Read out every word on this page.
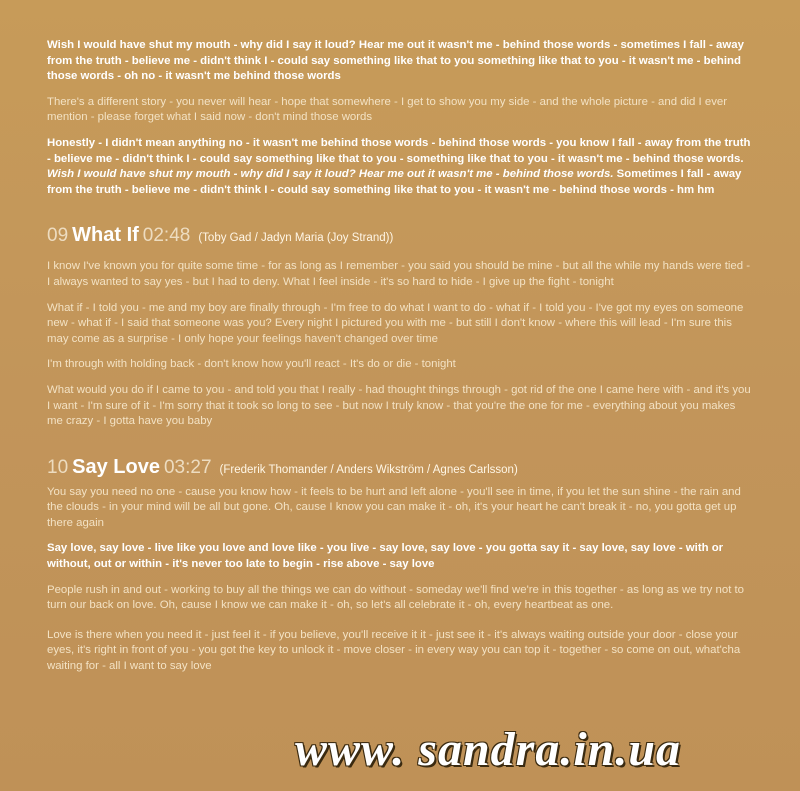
Wish I would have shut my mouth - why did I say it loud? Hear me out it wasn't me - behind those words - sometimes I fall - away from the truth - believe me - didn't think I - could say something like that to you something like that to you - it wasn't me - behind those words - oh no - it wasn't me behind those words

There's a different story - you never will hear - hope that somewhere - I get to show you my side - and the whole picture - and did I ever mention - please forget what I said now - don't mind those words

Honestly - I didn't mean anything no - it wasn't me behind those words - behind those words - you know I fall - away from the truth - believe me - didn't think I - could say something like that to you - something like that to you - it wasn't me - behind those words. Wish I would have shut my mouth - why did I say it loud? Hear me out it wasn't me - behind those words. Sometimes I fall - away from the truth - believe me - didn't think I - could say something like that to you - it wasn't me - behind those words - hm hm

09 What If 02:48 (Toby Gad / Jadyn Maria (Joy Strand))

I know I've known you for quite some time - for as long as I remember - you said you should be mine - but all the while my hands were tied - I always wanted to say yes - but I had to deny. What I feel inside - it's so hard to hide - I give up the fight - tonight

What if - I told you - me and my boy are finally through - I'm free to do what I want to do - what if - I told you - I've got my eyes on someone new - what if - I said that someone was you? Every night I pictured you with me - but still I don't know - where this will lead - I'm sure this may come as a surprise - I only hope your feelings haven't changed over time

I'm through with holding back - don't know how you'll react - It's do or die - tonight

What would you do if I came to you - and told you that I really - had thought things through - got rid of the one I came here with - and it's you I want - I'm sure of it - I'm sorry that it took so long to see - but now I truly know - that you're the one for me - everything about you makes me crazy - I gotta have you baby

10 Say Love 03:27 (Frederik Thomander / Anders Wikström / Agnes Carlsson)

You say you need no one - cause you know how - it feels to be hurt and left alone - you'll see in time, if you let the sun shine - the rain and the clouds - in your mind will be all but gone. Oh, cause I know you can make it - oh, it's your heart he can't break it - no, you gotta get up there again

Say love, say love - live like you love and love like - you live - say love, say love - you gotta say it - say love, say love - with or without, out or within - it's never too late to begin - rise above - say love

People rush in and out - working to buy all the things we can do without - someday we'll find we're in this together - as long as we try not to turn our back on love. Oh, cause I know we can make it - oh, so let's all celebrate it - oh, every heartbeat as one.

Love is there when you need it - just feel it - if you believe, you'll receive it it - just see it - it's always waiting outside your door - close your eyes, it's right in front of you - you got the key to unlock it - move closer - in every way you can top it - together - so come on out, what'cha waiting for - all I want to say love

www. sandra.in.ua
